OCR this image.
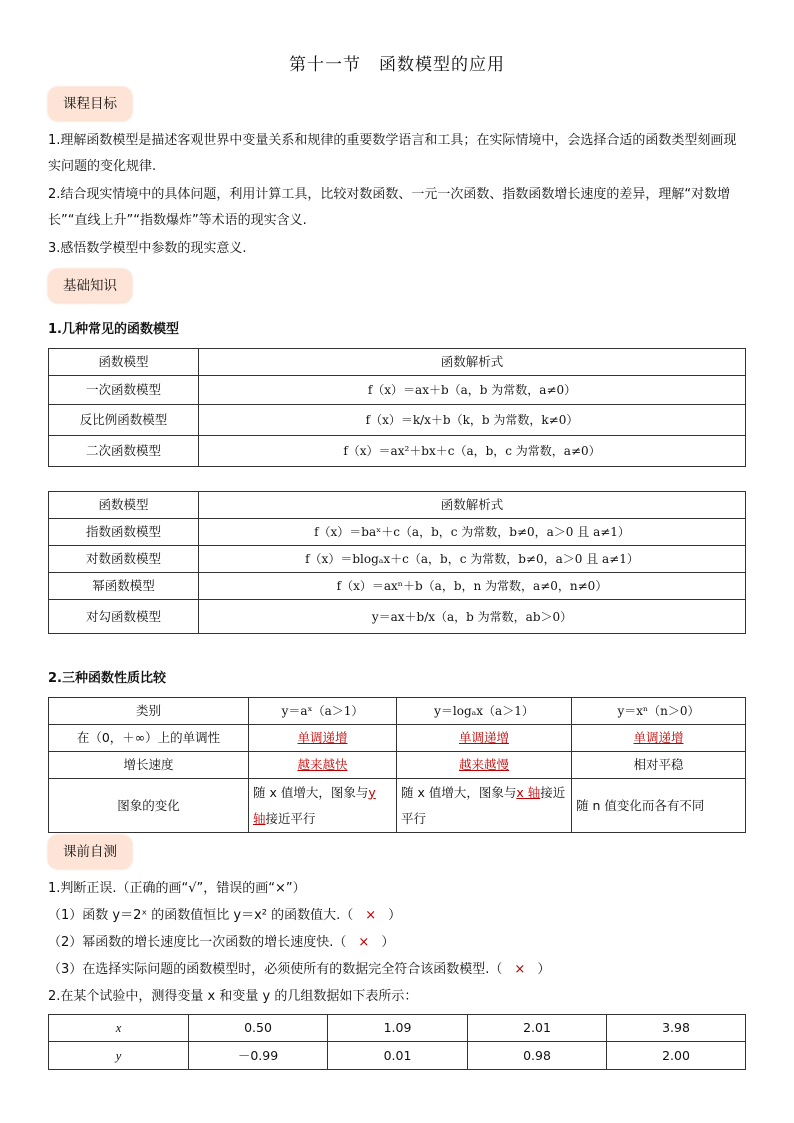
第十一节　函数模型的应用
课程目标
1.理解函数模型是描述客观世界中变量关系和规律的重要数学语言和工具；在实际情境中，会选择合适的函数类型刻画现实问题的变化规律.
2.结合现实情境中的具体问题，利用计算工具，比较对数函数、一元一次函数、指数函数增长速度的差异，理解“对数增长”“直线上升”“指数爆炸”等术语的现实含义.
3.感悟数学模型中参数的现实意义.
基础知识
1.几种常见的函数模型
函数模型	函数解析式
一次函数模型	f（x）＝ax＋b（a，b 为常数，a≠0）
反比例函数模型	f（x）＝k/x＋b（k，b 为常数，k≠0）
二次函数模型	f（x）＝ax²＋bx＋c（a，b，c 为常数，a≠0）
函数模型	函数解析式
指数函数模型	f（x）＝baˣ＋c（a，b，c 为常数，b≠0，a＞0 且 a≠1）
对数函数模型	f（x）＝blogₐx＋c（a，b，c 为常数，b≠0，a＞0 且 a≠1）
幂函数模型	f（x）＝axⁿ＋b（a，b，n 为常数，a≠0，n≠0）
对勾函数模型	y＝ax＋b/x（a，b 为常数，ab＞0）
2.三种函数性质比较
类别	y＝aˣ（a＞1）	y＝logₐx（a＞1）	y＝xⁿ（n＞0）
在（0，＋∞）上的单调性	单调递增	单调递增	单调递增
增长速度	越来越快	越来越慢	相对平稳
图象的变化	随 x 值增大，图象与y 轴接近平行	随 x 值增大，图象与x 轴接近平行	随 n 值变化而各有不同
课前自测
1.判断正误.（正确的画“√”，错误的画“×”）
（1）函数 y＝2ˣ 的函数值恒比 y＝x² 的函数值大.（ × ）
（2）幂函数的增长速度比一次函数的增长速度快.（ × ）
（3）在选择实际问题的函数模型时，必须使所有的数据完全符合该函数模型.（ × ）
2.在某个试验中，测得变量 x 和变量 y 的几组数据如下表所示：
x	0.50	1.09	2.01	3.98
y	－0.99	0.01	0.98	2.00
